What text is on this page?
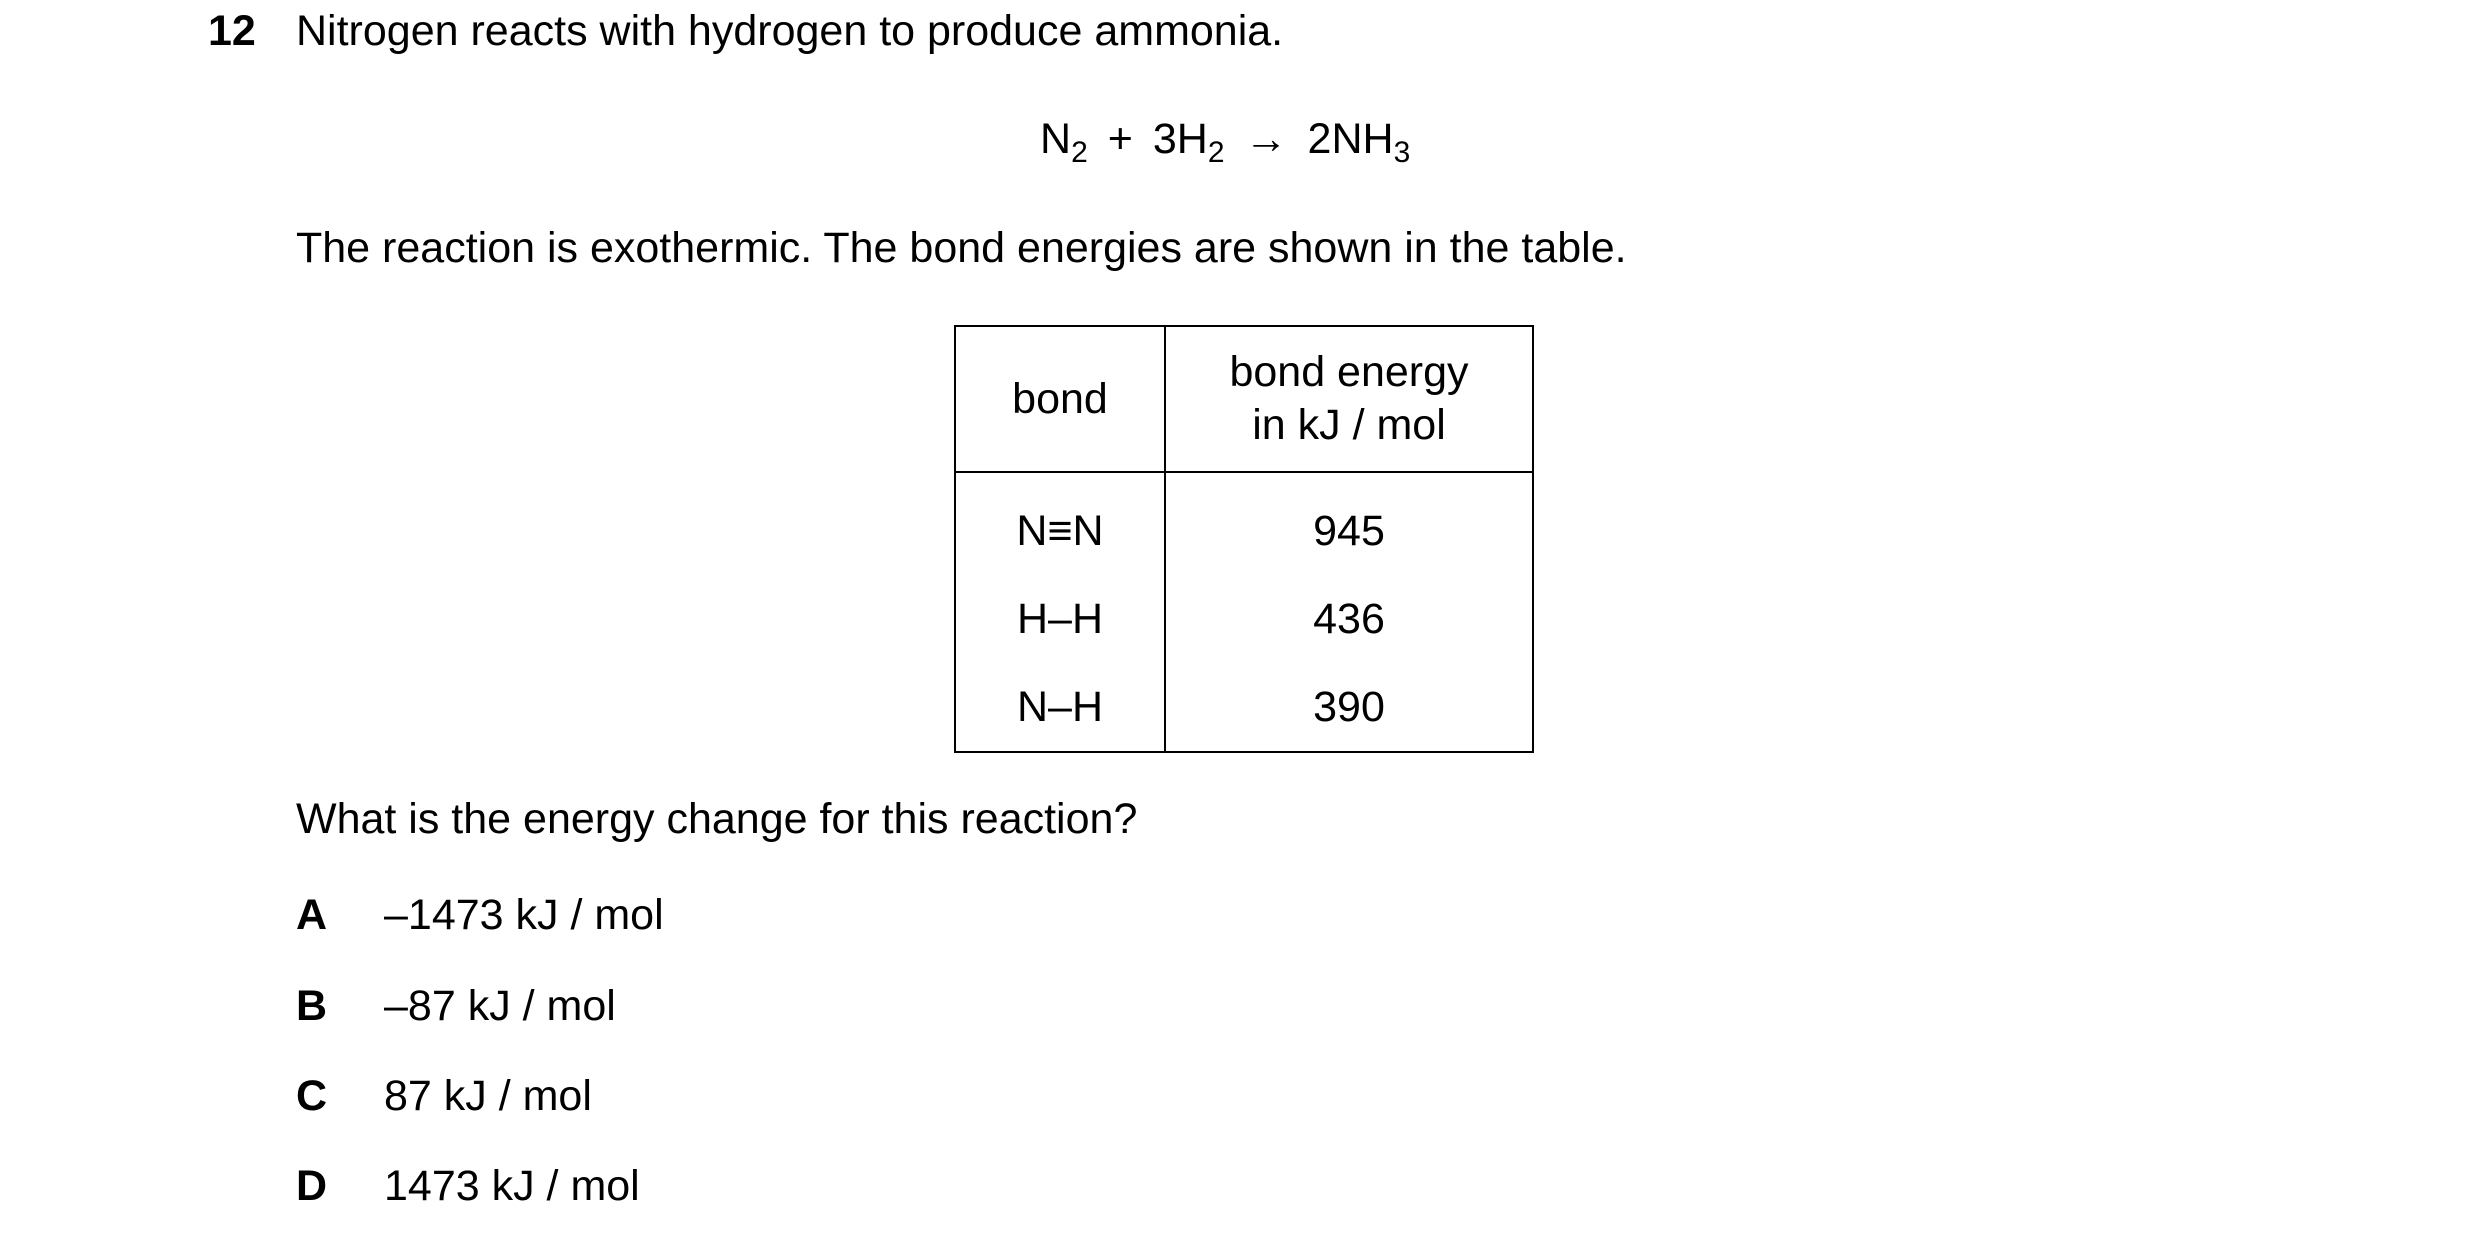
12 Nitrogen reacts with hydrogen to produce ammonia.
$N_2 + 3H_2 \to 2NH_3$
The reaction is exothermic. The bond energies are shown in the table.
bond	bond energy
in kJ / mol
N≡N	945
H–H	436
N–H	390
What is the energy change for this reaction?
A –1473 kJ / mol
B –87 kJ / mol
C 87 kJ / mol
D 1473 kJ / mol
